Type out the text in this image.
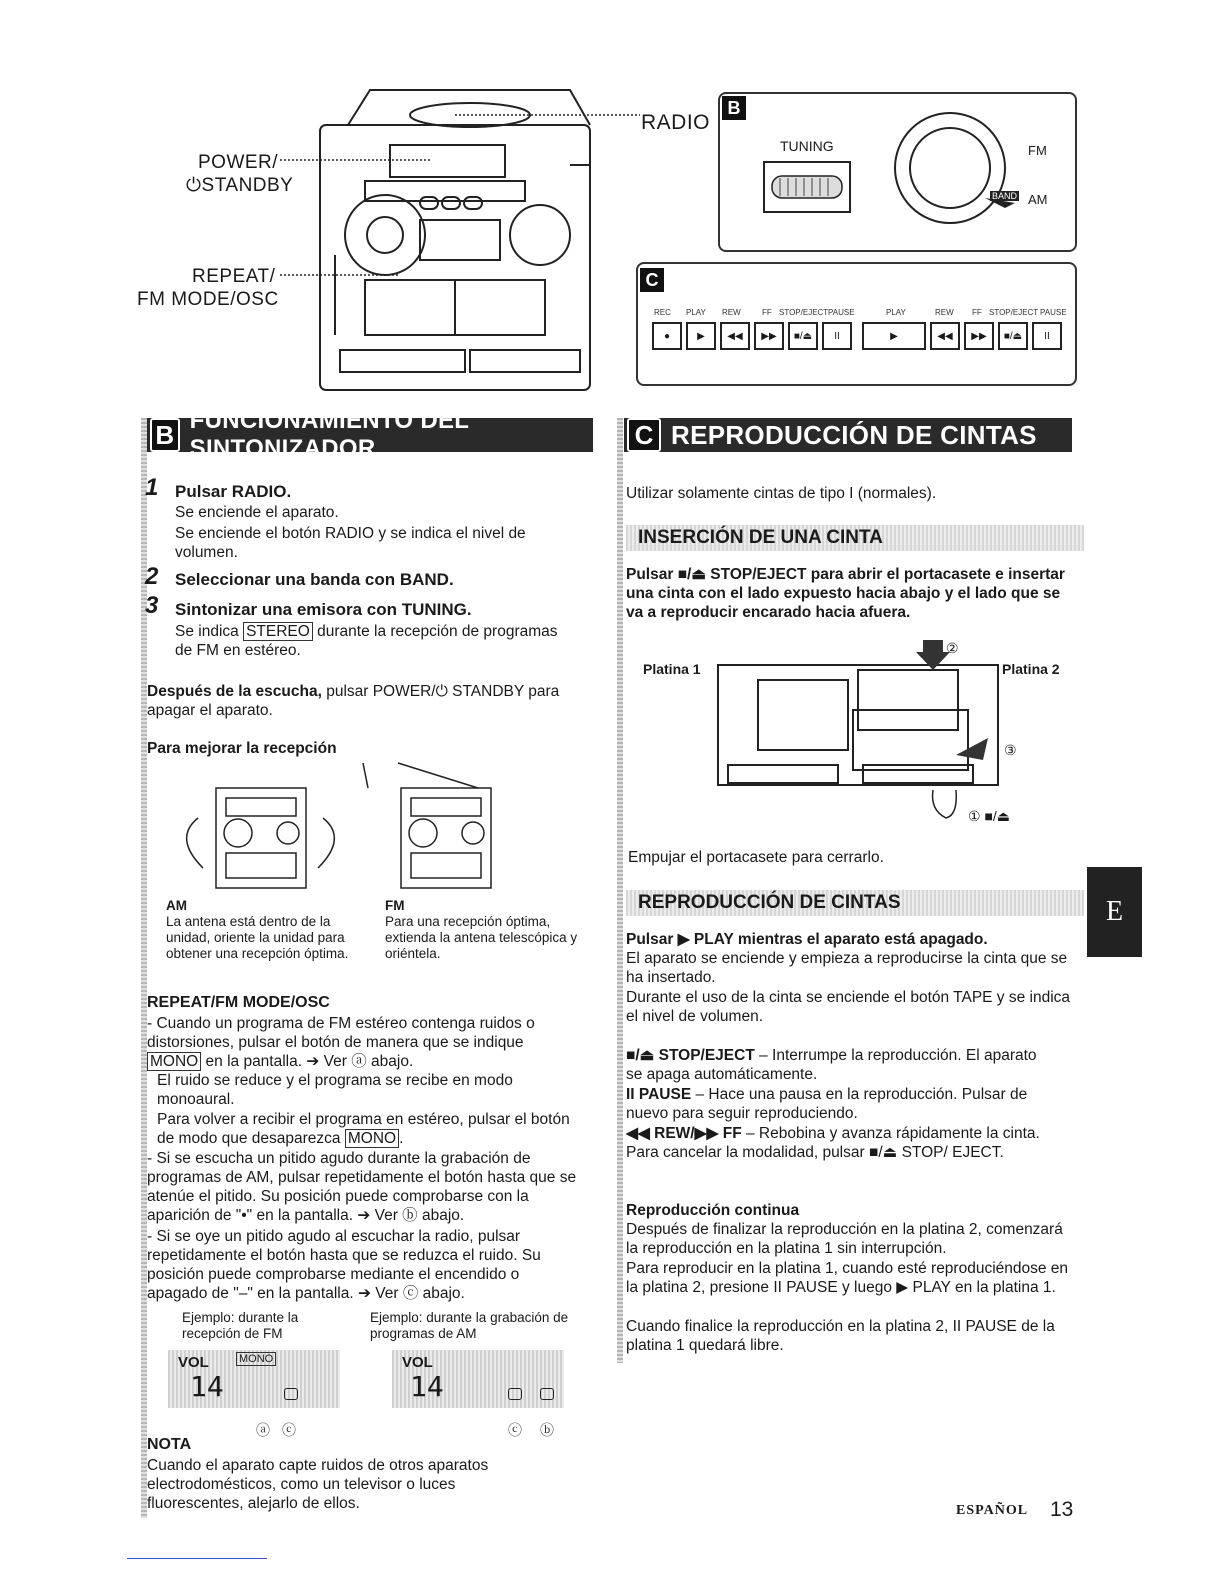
POWER/
⏻STANDBY
REPEAT/
FM MODE/OSC
RADIO
B
TUNING	FM
BAND AM
C
REC PLAY REW	FF STOP/EJECT PAUSE
●	▶	◀◀	▶▶	■/⏏	II
PLAY	REW FF STOP/EJECT PAUSE
▶	◀◀	▶▶	■/⏏	II
B FUNCIONAMIENTO DEL SINTONIZADOR
1 Pulsar RADIO.
Se enciende el aparato.
Se enciende el botón RADIO y se indica el nivel de volumen.
2 Seleccionar una banda con BAND.
3 Sintonizar una emisora con TUNING.
Se indica STEREO durante la recepción de programas de FM en estéreo.
Después de la escucha, pulsar POWER/⏻ STANDBY para apagar el aparato.
Para mejorar la recepción
AM
La antena está dentro de la unidad, oriente la unidad para obtener una recepción óptima.
FM
Para una recepción óptima, extienda la antena telescópica y oriéntela.
REPEAT/FM MODE/OSC
- Cuando un programa de FM estéreo contenga ruidos o distorsiones, pulsar el botón de manera que se indique MONO en la pantalla. ➔ Ver ⓐ abajo.
El ruido se reduce y el programa se recibe en modo monoaural.
Para volver a recibir el programa en estéreo, pulsar el botón de modo que desaparezca MONO .
- Si se escucha un pitido agudo durante la grabación de programas de AM, pulsar repetidamente el botón hasta que se atenúe el pitido. Su posición puede comprobarse con la aparición de "•" en la pantalla. ➔ Ver ⓑ abajo.
- Si se oye un pitido agudo al escuchar la radio, pulsar repetidamente el botón hasta que se reduzca el ruido. Su posición puede comprobarse mediante el encendido o apagado de "–" en la pantalla. ➔ Ver ⓒ abajo.
Ejemplo: durante la recepción de FM
Ejemplo: durante la grabación de programas de AM
VOL	MONO
14
ⓐ ⓒ
VOL
14
ⓒ ⓑ
NOTA
Cuando el aparato capte ruidos de otros aparatos electrodomésticos, como un televisor o luces fluorescentes, alejarlo de ellos.
C REPRODUCCIÓN DE CINTAS
Utilizar solamente cintas de tipo I (normales).
INSERCIÓN DE UNA CINTA
Pulsar ■/⏏ STOP/EJECT para abrir el portacasete e insertar una cinta con el lado expuesto hacia abajo y el lado que se va a reproducir encarado hacia afuera.
Platina 1	Platina 2
②
③
① ■/⏏
Empujar el portacasete para cerrarlo.
REPRODUCCIÓN DE CINTAS
Pulsar ▶ PLAY mientras el aparato está apagado.
El aparato se enciende y empieza a reproducirse la cinta que se ha insertado.
Durante el uso de la cinta se enciende el botón TAPE y se indica el nivel de volumen.
■/⏏ STOP/EJECT – Interrumpe la reproducción. El aparato se apaga automáticamente.
II PAUSE – Hace una pausa en la reproducción. Pulsar de nuevo para seguir reproduciendo.
◀◀ REW/▶▶ FF – Rebobina y avanza rápidamente la cinta. Para cancelar la modalidad, pulsar ■/⏏ STOP/ EJECT.
Reproducción continua
Después de finalizar la reproducción en la platina 2, comenzará la reproducción en la platina 1 sin interrupción.
Para reproducir en la platina 1, cuando esté reproduciéndose en la platina 2, presione II PAUSE y luego ▶ PLAY en la platina 1.
Cuando finalice la reproducción en la platina 2, II PAUSE de la platina 1 quedará libre.
E
ESPAÑOL 13
